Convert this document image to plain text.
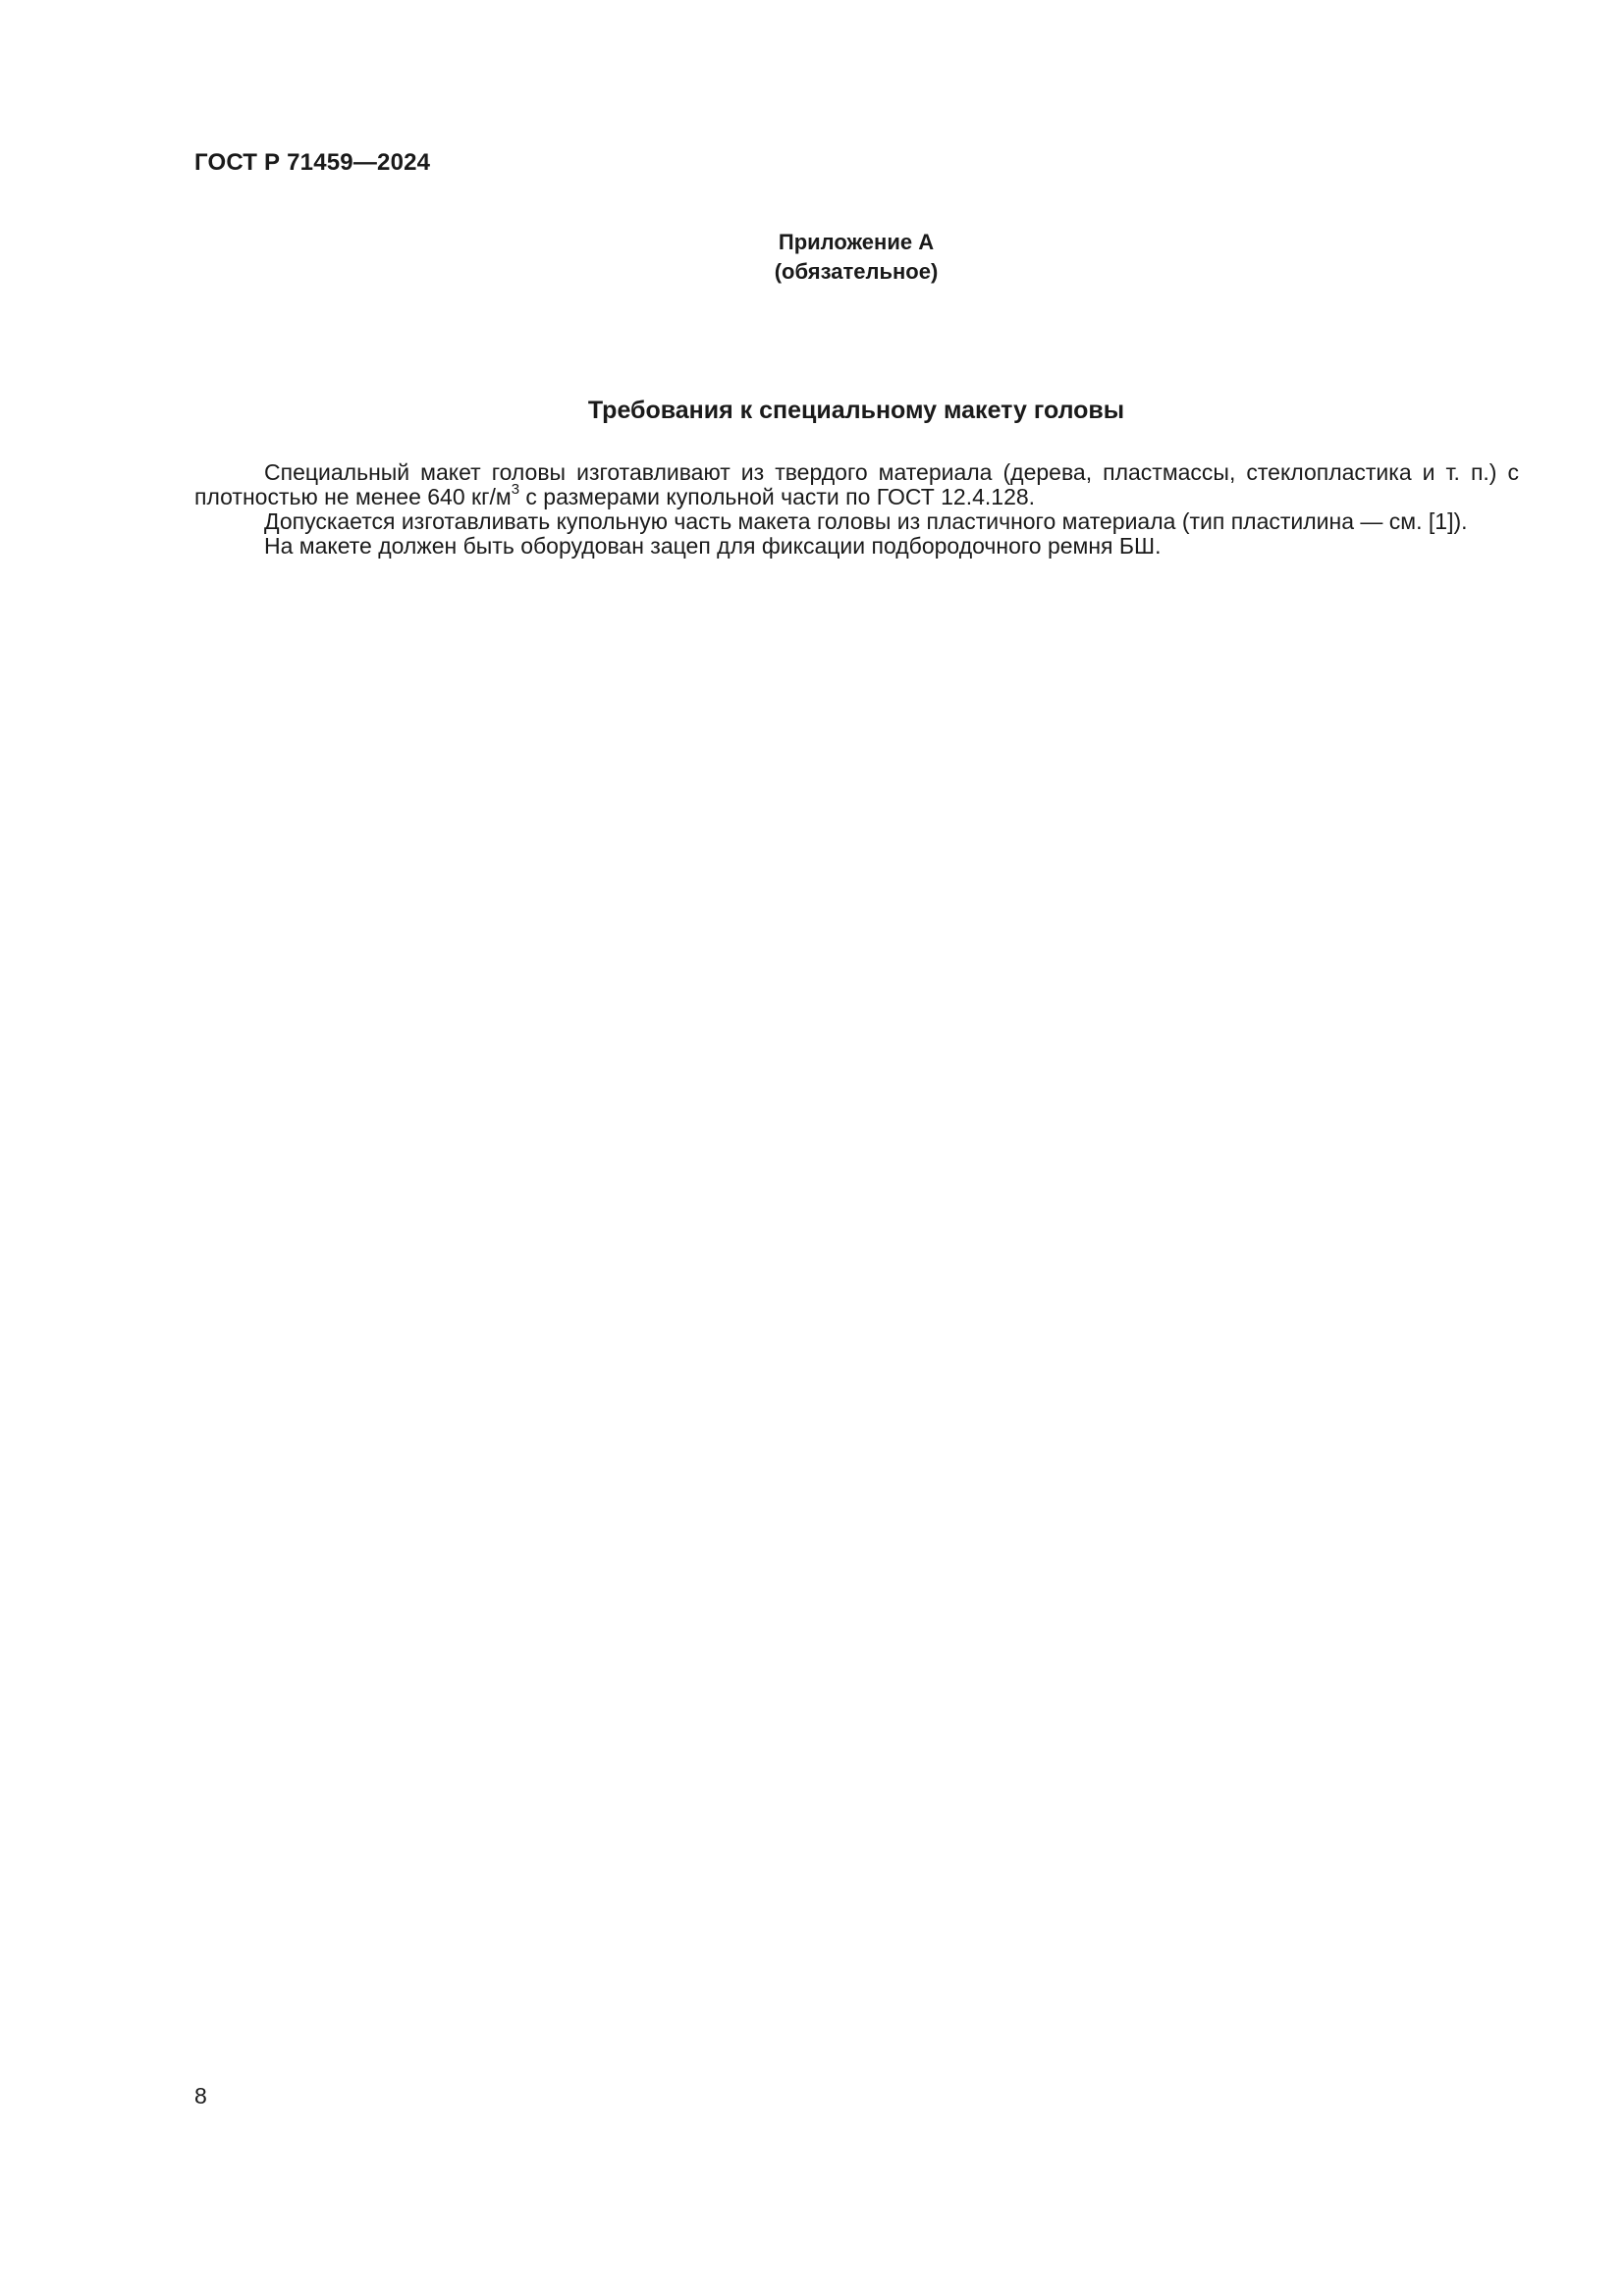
ГОСТ Р 71459—2024
Приложение А
(обязательное)
Требования к специальному макету головы

Специальный макет головы изготавливают из твердого материала (дерева, пластмассы, стеклопластика и т. п.) с плотностью не менее 640 $кг/м^3$ с размерами купольной части по ГОСТ 12.4.128.

Допускается изготавливать купольную часть макета головы из пластичного материала (тип пластилина — см. [1]).

На макете должен быть оборудован зацеп для фиксации подбородочного ремня БШ.

8
